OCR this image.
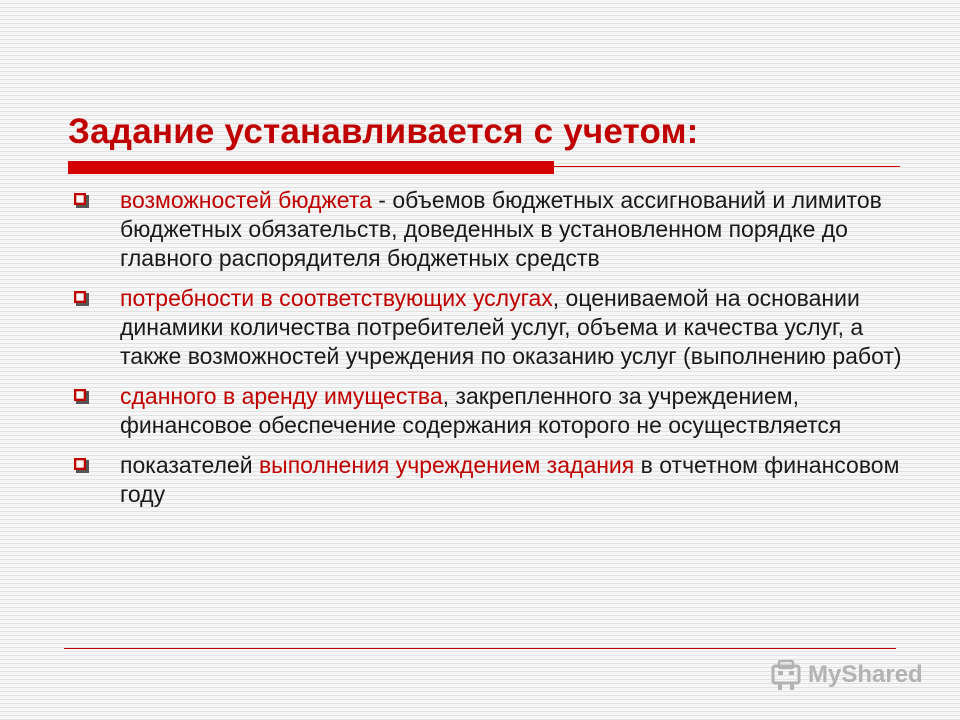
Задание устанавливается с учетом:
возможностей бюджета - объемов бюджетных ассигнований и лимитов бюджетных обязательств, доведенных в установленном порядке до главного распорядителя бюджетных средств
потребности в соответствующих услугах, оцениваемой на основании динамики количества потребителей услуг, объема и качества услуг, а также возможностей учреждения по оказанию услуг (выполнению работ)
сданного в аренду имущества, закрепленного за учреждением, финансовое обеспечение содержания которого не осуществляется
показателей выполнения учреждением задания в отчетном финансовом году
MyShared
